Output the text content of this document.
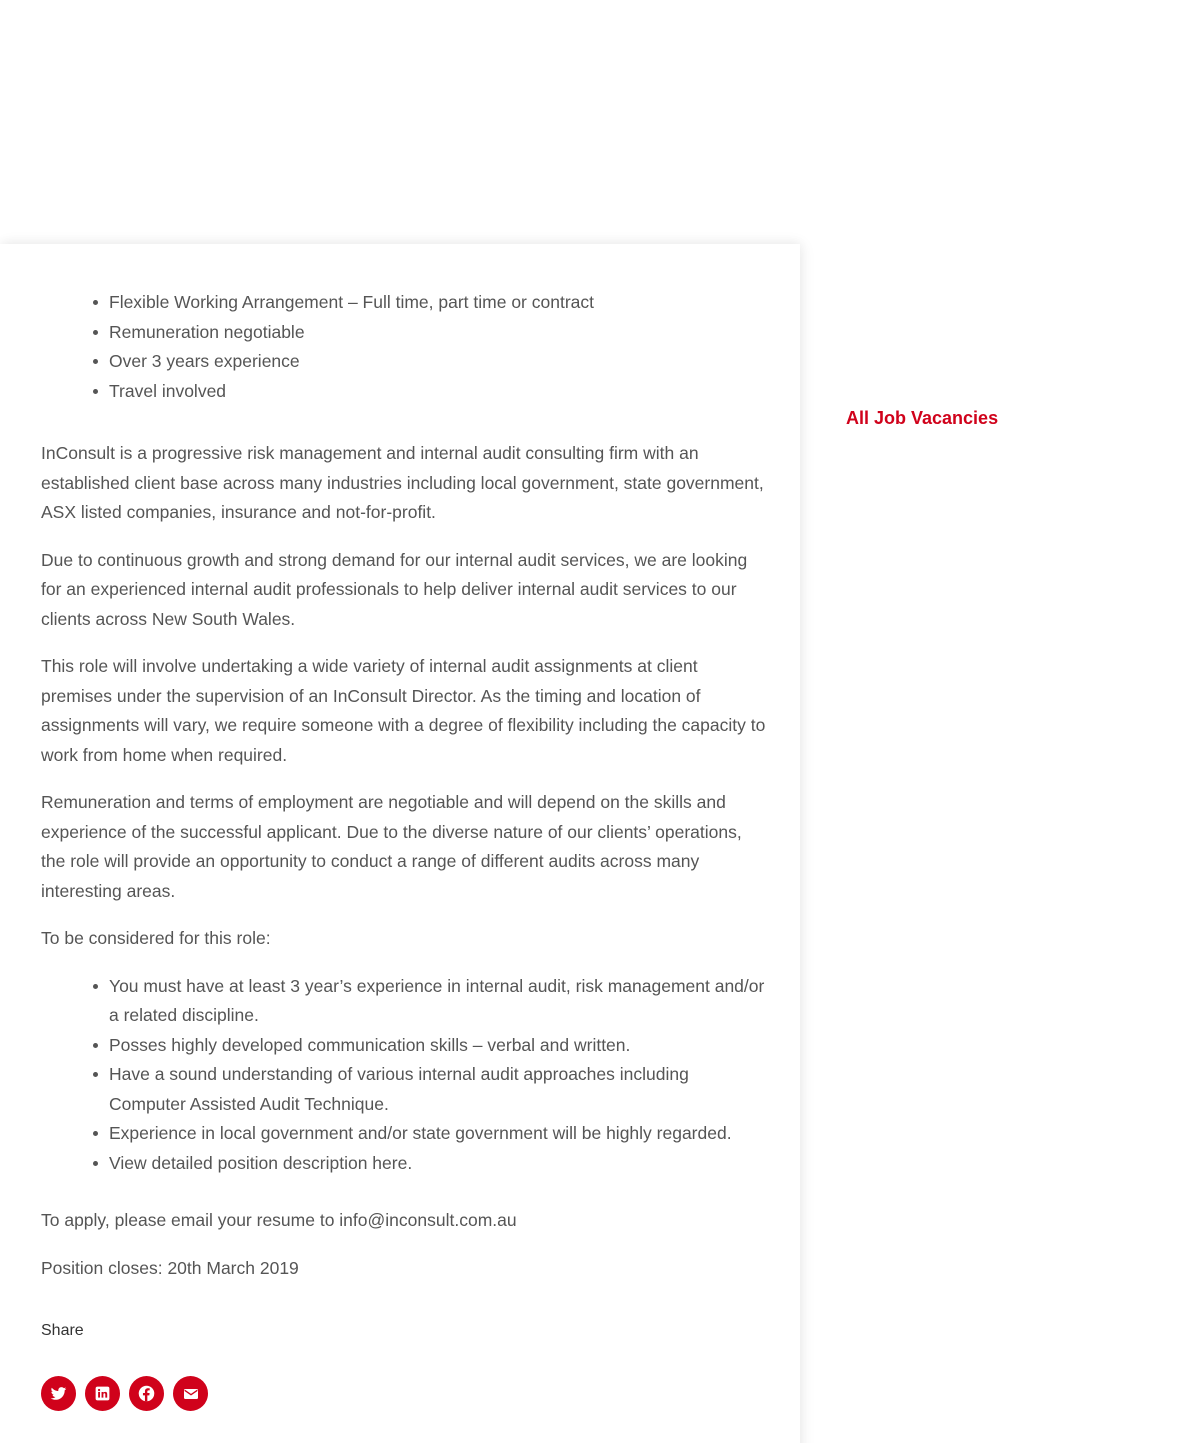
Flexible Working Arrangement – Full time, part time or contract
Remuneration negotiable
Over 3 years experience
Travel involved

InConsult is a progressive risk management and internal audit consulting firm with an established client base across many industries including local government, state government, ASX listed companies, insurance and not-for-profit.

Due to continuous growth and strong demand for our internal audit services, we are looking for an experienced internal audit professionals to help deliver internal audit services to our clients across New South Wales.

This role will involve undertaking a wide variety of internal audit assignments at client premises under the supervision of an InConsult Director. As the timing and location of assignments will vary, we require someone with a degree of flexibility including the capacity to work from home when required.

Remuneration and terms of employment are negotiable and will depend on the skills and experience of the successful applicant. Due to the diverse nature of our clients’ operations, the role will provide an opportunity to conduct a range of different audits across many interesting areas.

To be considered for this role:

You must have at least 3 year’s experience in internal audit, risk management and/or a related discipline.
Posses highly developed communication skills – verbal and written.
Have a sound understanding of various internal audit approaches including Computer Assisted Audit Technique.
Experience in local government and/or state government will be highly regarded.
View detailed position description here.

To apply, please email your resume to info@inconsult.com.au

Position closes: 20th March 2019

Share
All Job Vacancies
